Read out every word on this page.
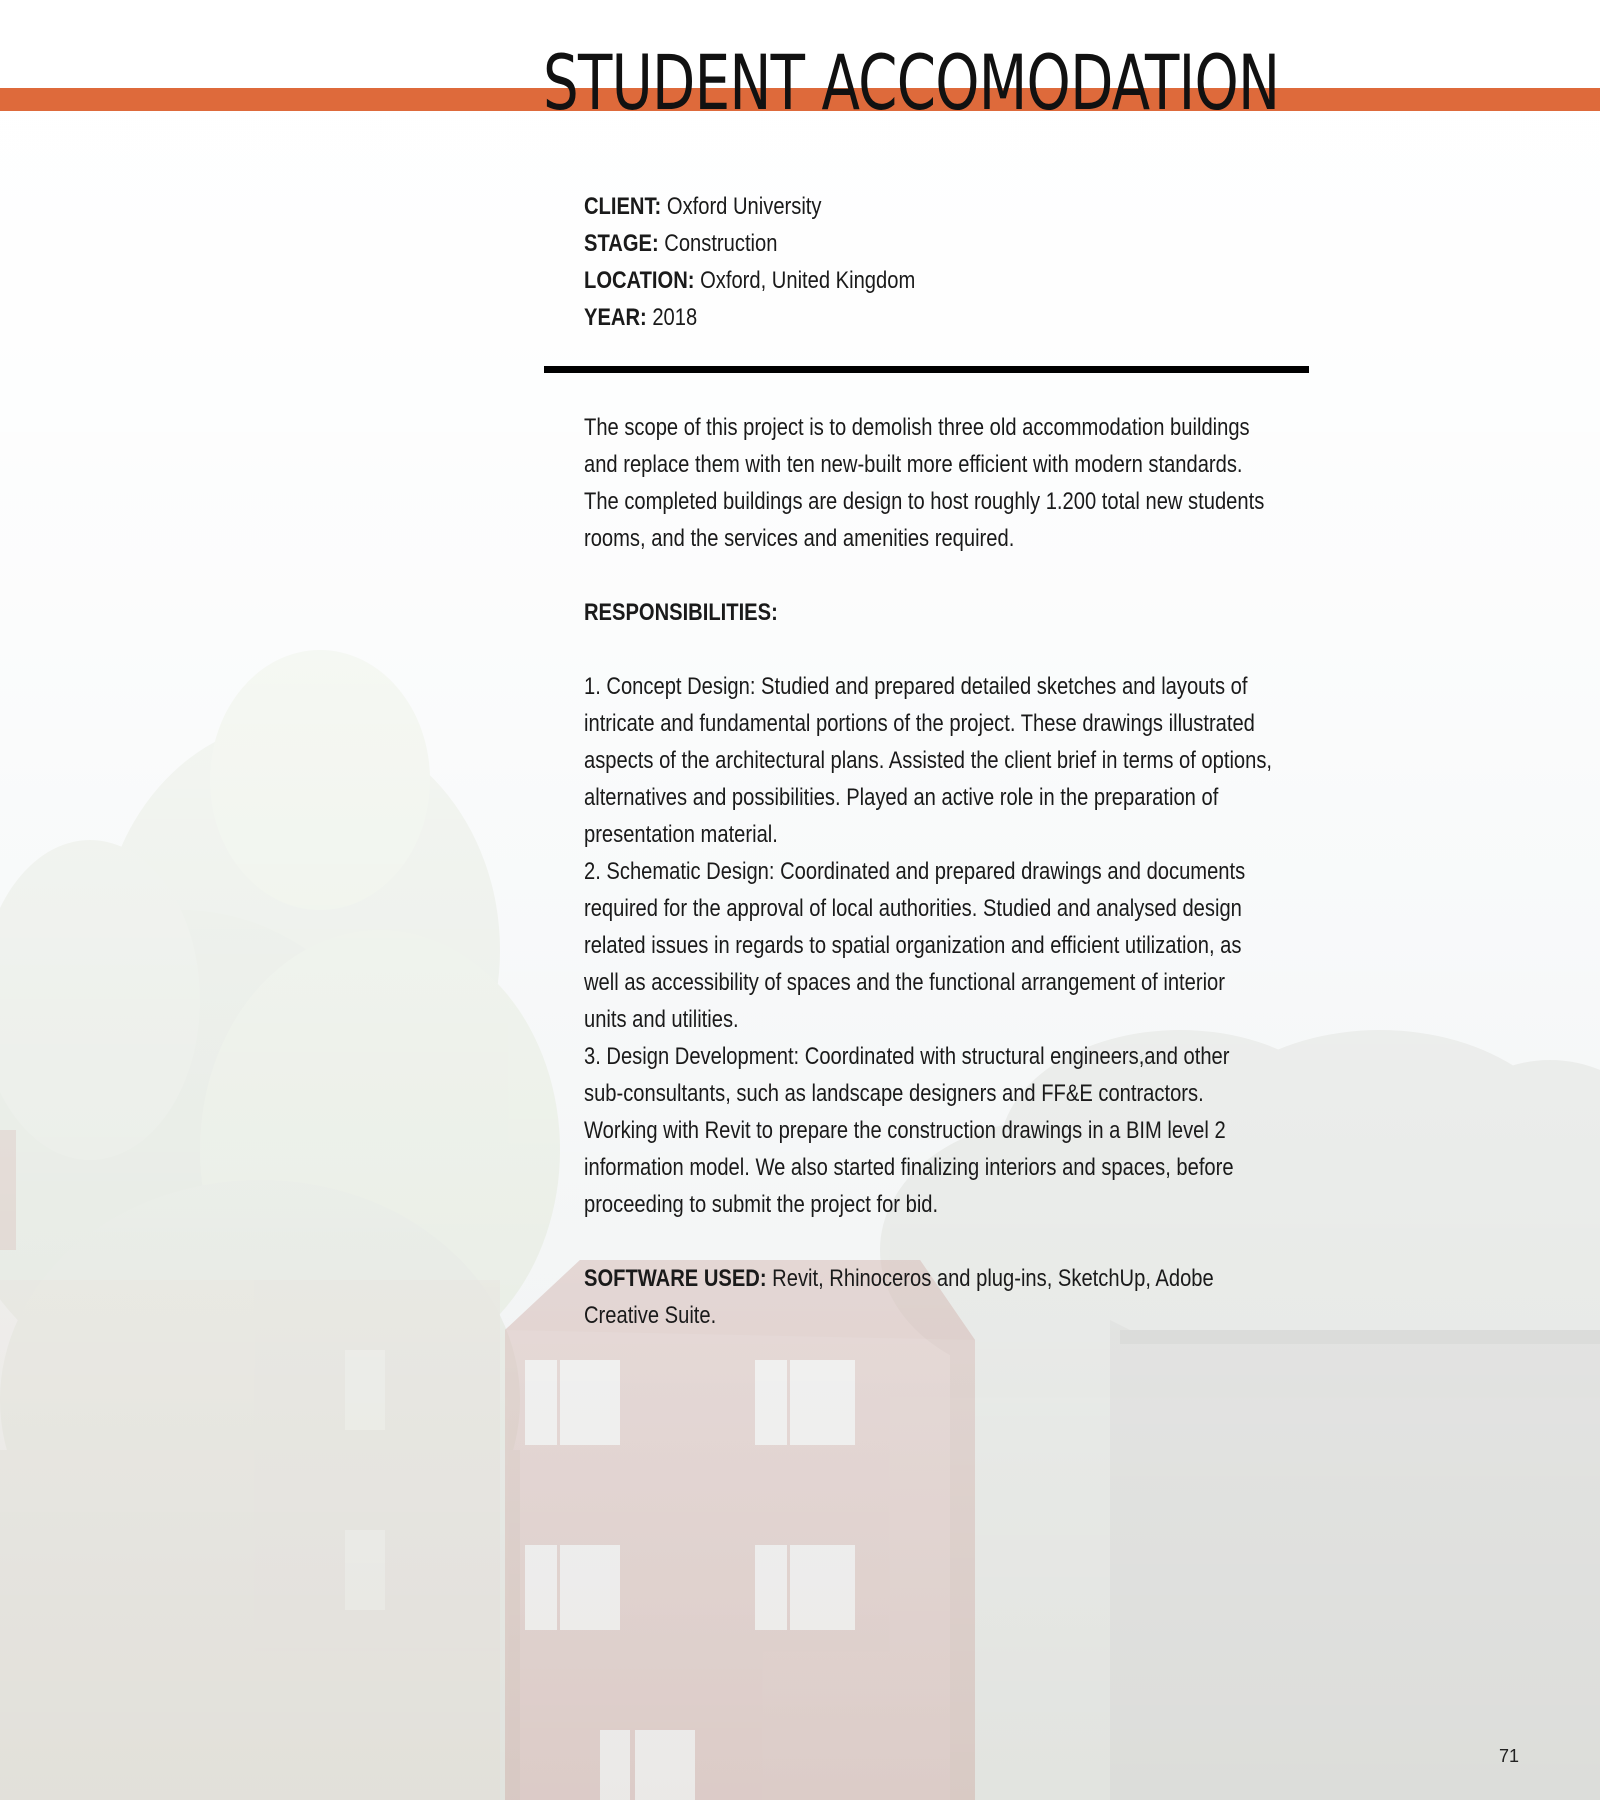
STUDENT ACCOMODATION
CLIENT: Oxford University
STAGE: Construction
LOCATION: Oxford, United Kingdom
YEAR: 2018

The scope of this project is to demolish three old accommodation buildings and replace them with ten new-built more efficient with modern standards. The completed buildings are design to host roughly 1.200 total new students rooms, and the services and amenities required.

RESPONSIBILITIES:

1. Concept Design: Studied and prepared detailed sketches and layouts of intricate and fundamental portions of the project. These drawings illustrated aspects of the architectural plans. Assisted the client brief in terms of options, alternatives and possibilities. Played an active role in the preparation of presentation material.
2. Schematic Design: Coordinated and prepared drawings and documents required for the approval of local authorities. Studied and analysed design related issues in regards to spatial organization and efficient utilization, as well as accessibility of spaces and the functional arrangement of interior units and utilities.
3. Design Development: Coordinated with structural engineers,and other sub-consultants, such as landscape designers and FF&E contractors. Working with Revit to prepare the construction drawings in a BIM level 2 information model. We also started finalizing interiors and spaces, before proceeding to submit the project for bid.

SOFTWARE USED: Revit, Rhinoceros and plug-ins, SketchUp, Adobe Creative Suite.

71
